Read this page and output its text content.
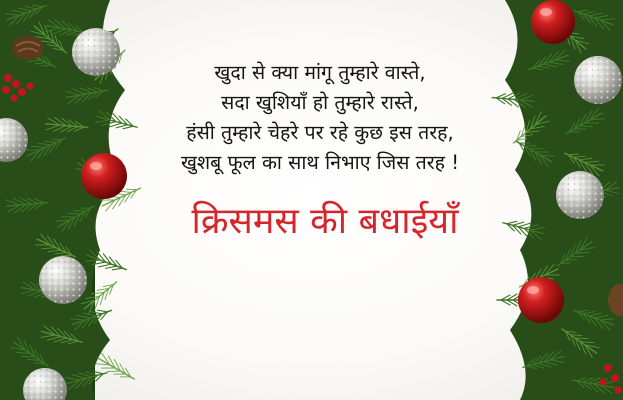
खुदा से क्या मांगू तुम्हारे वास्ते,
सदा खुशियाँ हो तुम्हारे रास्ते,
हंसी तुम्हारे चेहरे पर रहे कुछ इस तरह,
खुशबू फूल का साथ निभाए जिस तरह !
क्रिसमस की बधाईयाँ
